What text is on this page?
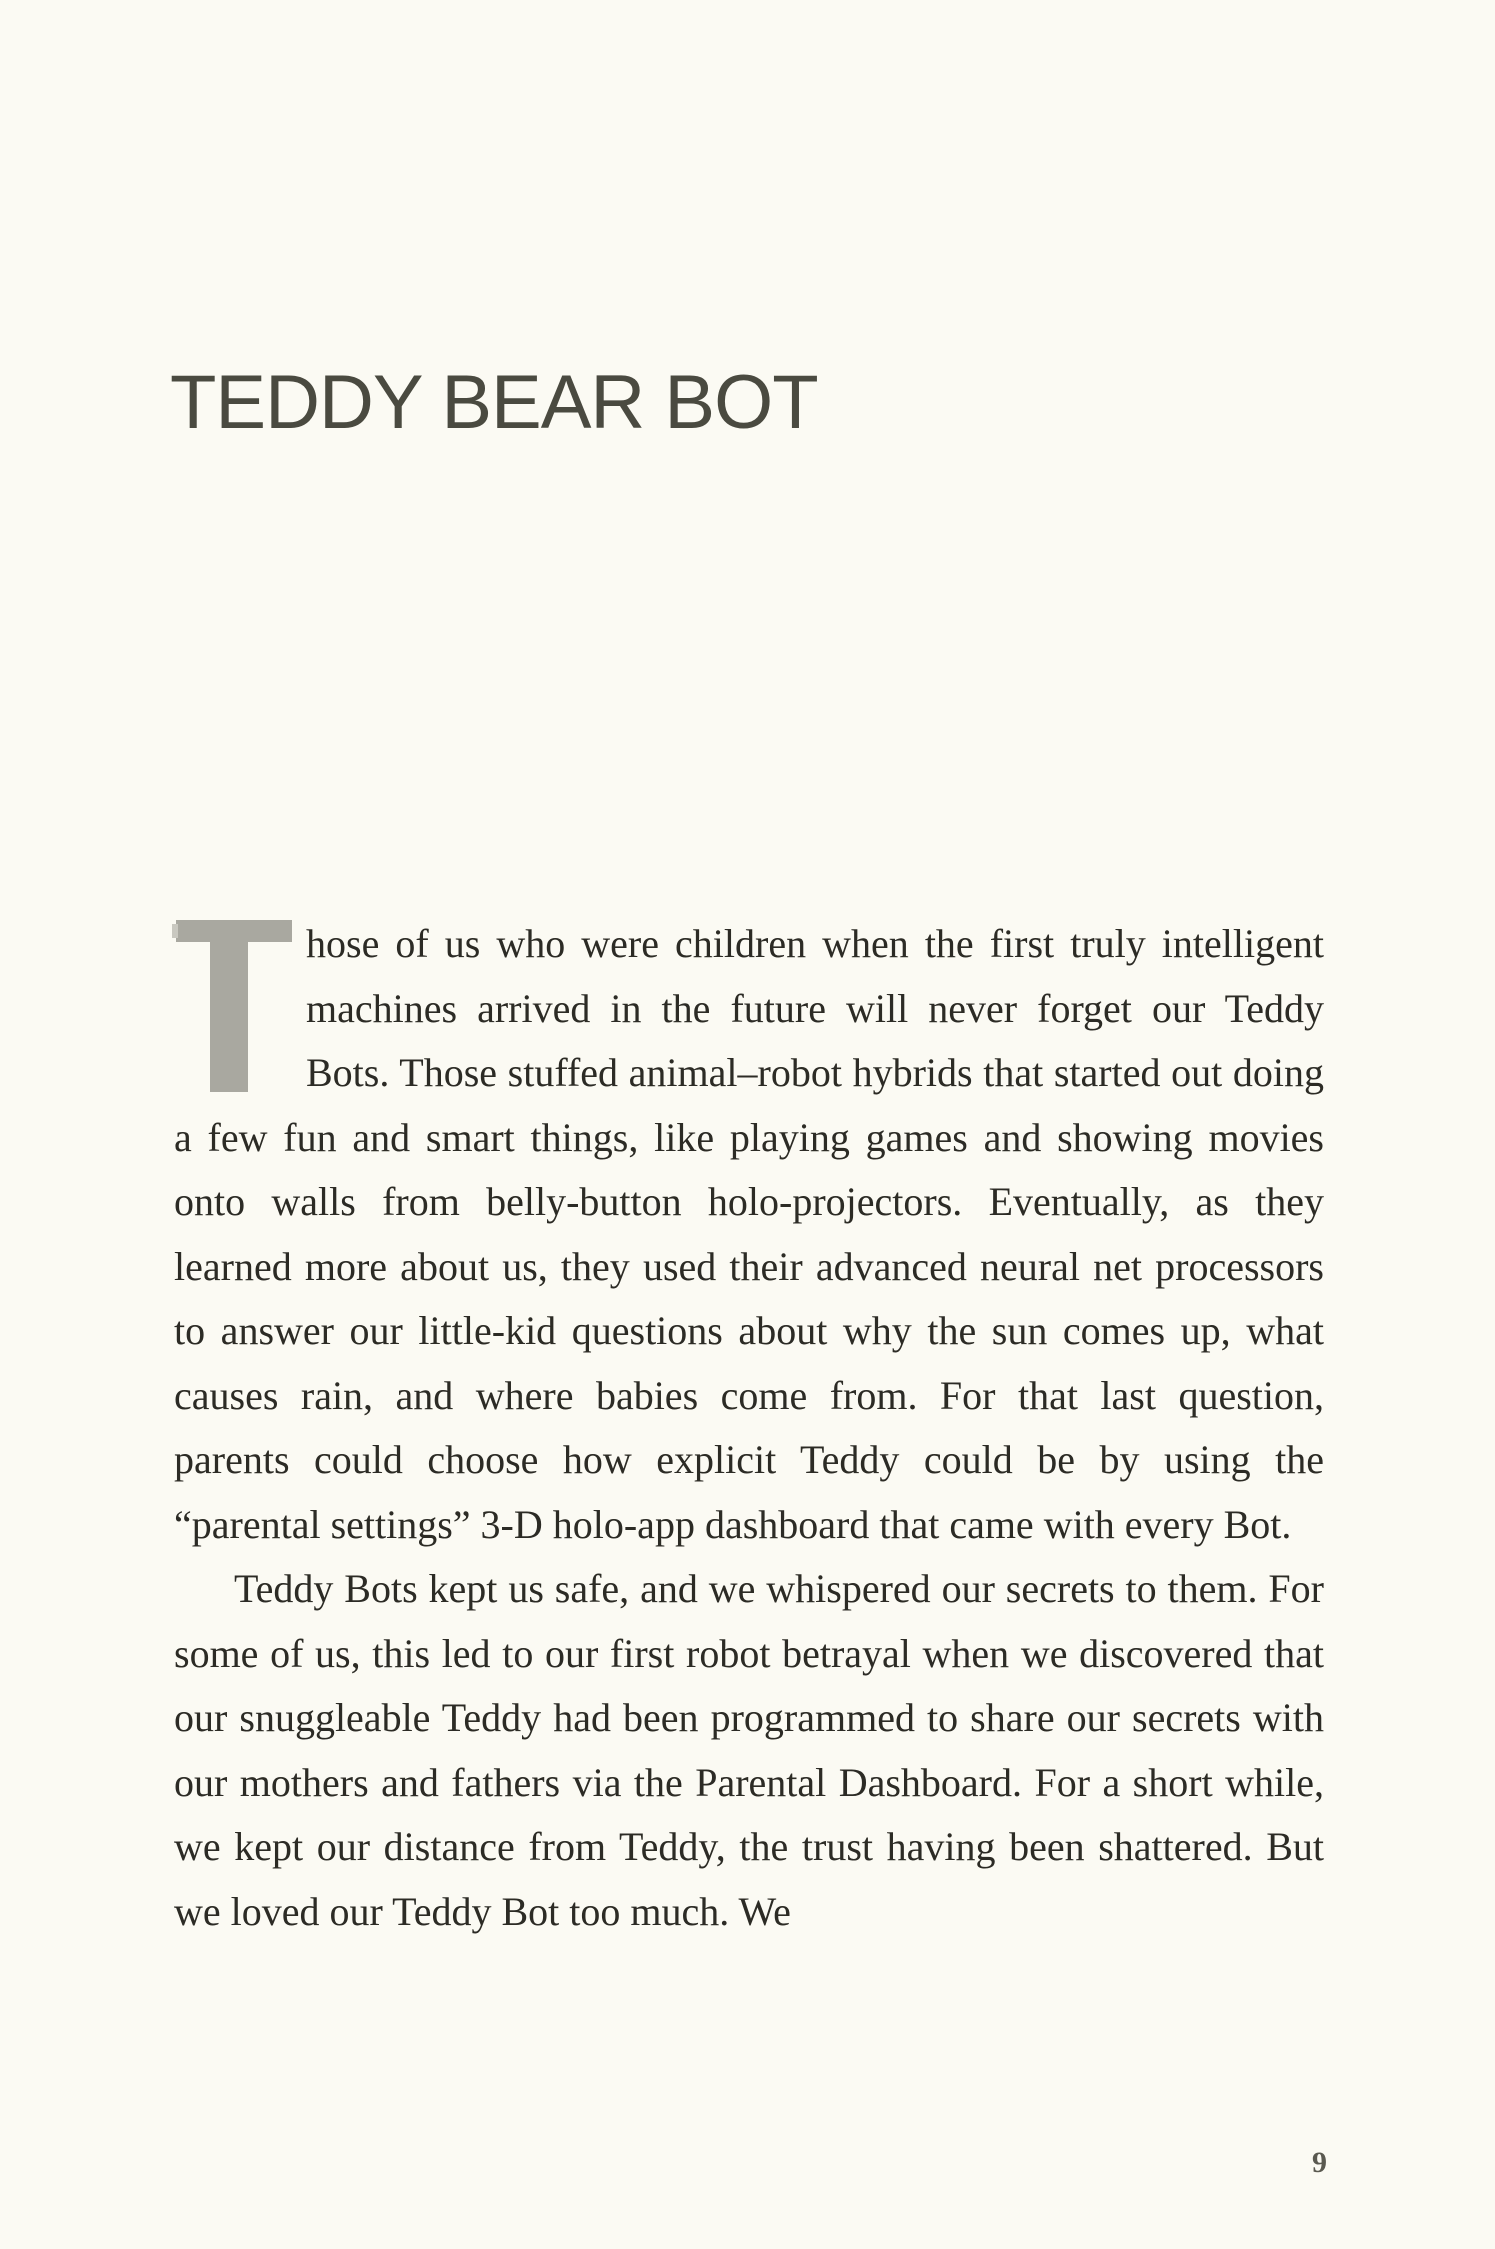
TEDDY BEAR BOT

hose of us who were children when the first truly intelligent machines arrived in the future will never forget our Teddy Bots. Those stuffed animal–robot hybrids that started out doing a few fun and smart things, like playing games and showing movies onto walls from belly-button holo-projectors. Eventually, as they learned more about us, they used their advanced neural net processors to answer our little-kid questions about why the sun comes up, what causes rain, and where babies come from. For that last question, parents could choose how explicit Teddy could be by using the “parental settings” 3-D holo-app dashboard that came with every Bot.

Teddy Bots kept us safe, and we whispered our secrets to them. For some of us, this led to our first robot betrayal when we discovered that our snuggleable Teddy had been programmed to share our secrets with our mothers and fathers via the Parental Dashboard. For a short while, we kept our distance from Teddy, the trust having been shattered. But we loved our Teddy Bot too much. We

9
